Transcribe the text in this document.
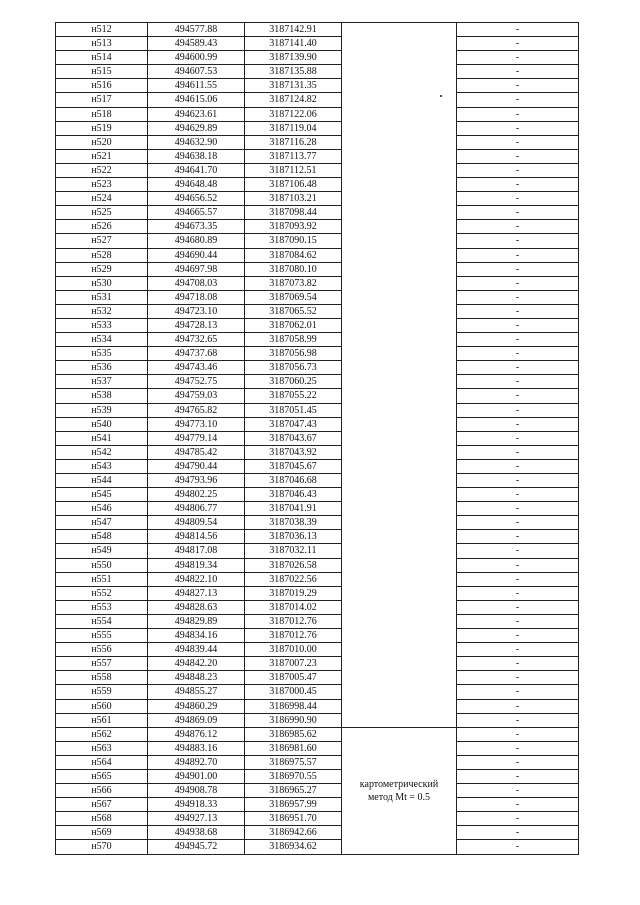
н512	494577.88	3187142.91		-
н513	494589.43	3187141.40		-
н514	494600.99	3187139.90		-
н515	494607.53	3187135.88		-
н516	494611.55	3187131.35		-
н517	494615.06	3187124.82		-
н518	494623.61	3187122.06		-
н519	494629.89	3187119.04		-
н520	494632.90	3187116.28		-
н521	494638.18	3187113.77		-
н522	494641.70	3187112.51		-
н523	494648.48	3187106.48		-
н524	494656.52	3187103.21		-
н525	494665.57	3187098.44		-
н526	494673.35	3187093.92		-
н527	494680.89	3187090.15		-
н528	494690.44	3187084.62		-
н529	494697.98	3187080.10		-
н530	494708.03	3187073.82		-
н531	494718.08	3187069.54		-
н532	494723.10	3187065.52		-
н533	494728.13	3187062.01		-
н534	494732.65	3187058.99		-
н535	494737.68	3187056.98		-
н536	494743.46	3187056.73		-
н537	494752.75	3187060.25		-
н538	494759.03	3187055.22		-
н539	494765.82	3187051.45		-
н540	494773.10	3187047.43		-
н541	494779.14	3187043.67		-
н542	494785.42	3187043.92		-
н543	494790.44	3187045.67		-
н544	494793.96	3187046.68		-
н545	494802.25	3187046.43		-
н546	494806.77	3187041.91		-
н547	494809.54	3187038.39		-
н548	494814.56	3187036.13		-
н549	494817.08	3187032.11		-
н550	494819.34	3187026.58		-
н551	494822.10	3187022.56		-
н552	494827.13	3187019.29		-
н553	494828.63	3187014.02		-
н554	494829.89	3187012.76		-
н555	494834.16	3187012.76		-
н556	494839.44	3187010.00		-
н557	494842.20	3187007.23		-
н558	494848.23	3187005.47		-
н559	494855.27	3187000.45		-
н560	494860.29	3186998.44		-
н561	494869.09	3186990.90		-
н562	494876.12	3186985.62	картометрический
метод Mt = 0.5	-
н563	494883.16	3186981.60		-
н564	494892.70	3186975.57		-
н565	494901.00	3186970.55		-
н566	494908.78	3186965.27		-
н567	494918.33	3186957.99		-
н568	494927.13	3186951.70		-
н569	494938.68	3186942.66		-
н570	494945.72	3186934.62		-
